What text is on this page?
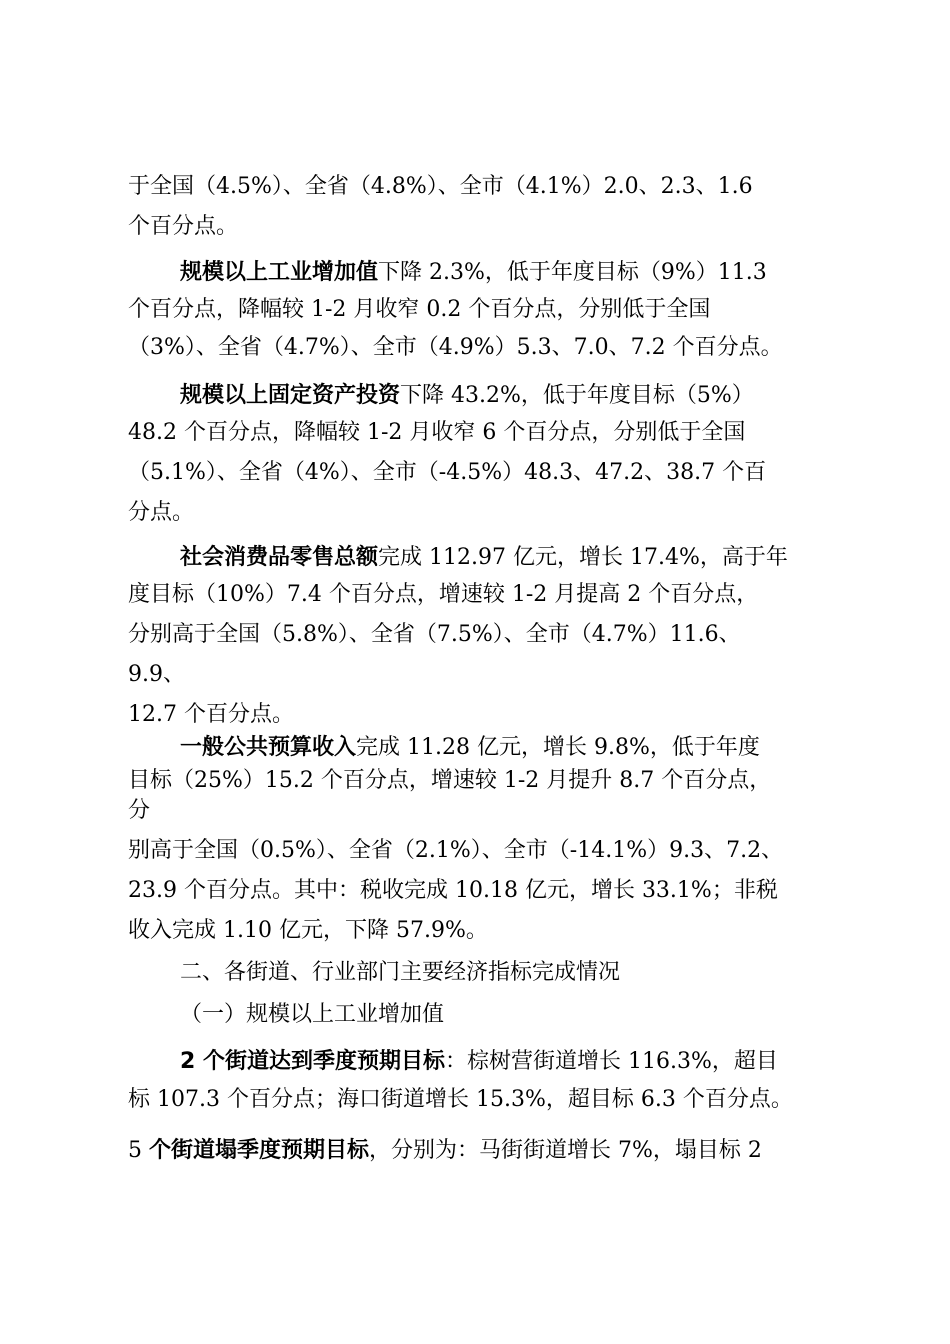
于全国（4.5%）、全省（4.8%）、全市（4.1%）2.0、2.3、1.6

个百分点。

规模以上工业增加值下降 2.3%，低于年度目标（9%）11.3

个百分点，降幅较 1-2 月收窄 0.2 个百分点，分别低于全国

（3%）、全省（4.7%）、全市（4.9%）5.3、7.0、7.2 个百分点。

规模以上固定资产投资下降 43.2%，低于年度目标（5%）

48.2 个百分点，降幅较 1-2 月收窄 6 个百分点，分别低于全国

（5.1%）、全省（4%）、全市（-4.5%）48.3、47.2、38.7 个百

分点。

社会消费品零售总额完成 112.97 亿元，增长 17.4%，高于年

度目标（10%）7.4 个百分点，增速较 1-2 月提高 2 个百分点，

分别高于全国（5.8%）、全省（7.5%）、全市（4.7%）11.6、

9.9、

12.7 个百分点。

一般公共预算收入完成 11.28 亿元，增长 9.8%，低于年度

目标（25%）15.2 个百分点，增速较 1-2 月提升 8.7 个百分点，

分

别高于全国（0.5%）、全省（2.1%）、全市（-14.1%）9.3、7.2、

23.9 个百分点。其中：税收完成 10.18 亿元，增长 33.1%；非税

收入完成 1.10 亿元，下降 57.9%。

二、各街道、行业部门主要经济指标完成情况

（一）规模以上工业增加值

2 个街道达到季度预期目标：棕树营街道增长 116.3%，超目

标 107.3 个百分点；海口街道增长 15.3%，超目标 6.3 个百分点。

5 个街道塌季度预期目标，分别为：马街街道增长 7%，塌目标 2
